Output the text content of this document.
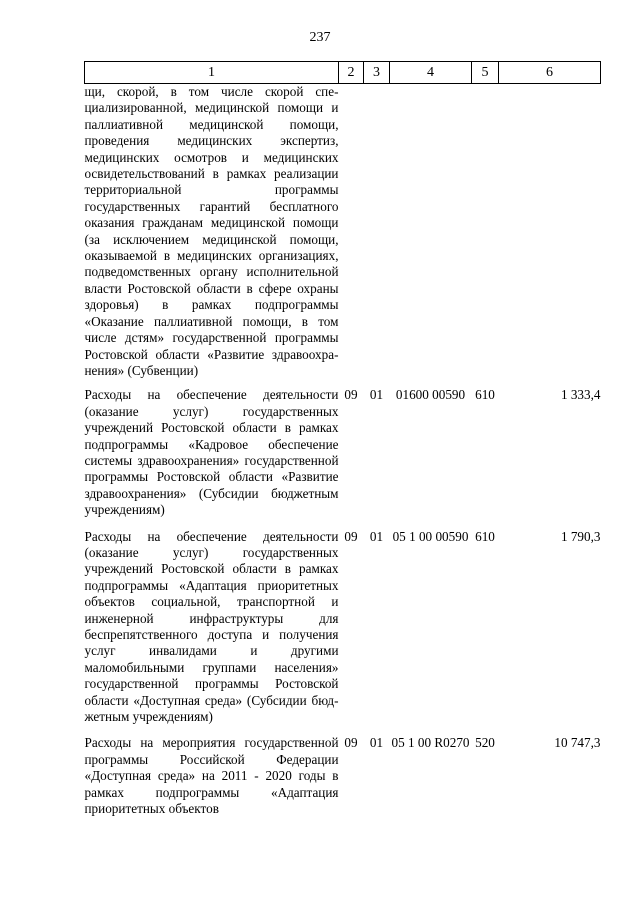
237
1	2	3	4	5	6
щи, скорой, в том числе скорой специализированной, медицинской помощи и паллиативной медицинской помощи, проведения медицинских экспертиз, медицинских осмотров и медицинских освидетельствований в рамках реализации территориальной программы государственных гарантий бесплатного оказания гражданам медицинской помощи (за исключением медицинской помощи, оказываемой в медицинских организациях, подведомственных органу исполнительной власти Ростовской области в сфере охраны здоровья) в рамках подпрограммы «Оказание паллиативной помощи, в том числе дстям» государственной программы Ростовской области «Развитие здравоохранения» (Субвенции)					
Расходы на обеспечение деятельности (оказание услуг) государственных учреждений Ростовской области в рамках подпрограммы «Кадровое обеспечение системы здравоохранения» государственной программы Ростовской области «Развитие здравоохранения» (Субсидии бюджетным учреждениям)	09	01	01600 00590	610	1 333,4
Расходы на обеспечение деятельности (оказание услуг) государственных учреждений Ростовской области в рамках подпрограммы «Адаптация приоритетных объектов социальной, транспортной и инженерной инфраструктуры для беспрепятственного доступа и получения услуг инвалидами и другими маломобильными группами населения» государственной программы Ростовской области «Доступная среда» (Субсидии бюджетным учреждениям)	09	01	05 1 00 00590	610	1 790,3
Расходы на мероприятия государственной программы Российской Федерации «Доступная среда» на 2011 - 2020 годы в рамках подпрограммы «Адаптация приоритетных объектов	09	01	05 1 00 R0270	520	10 747,3
